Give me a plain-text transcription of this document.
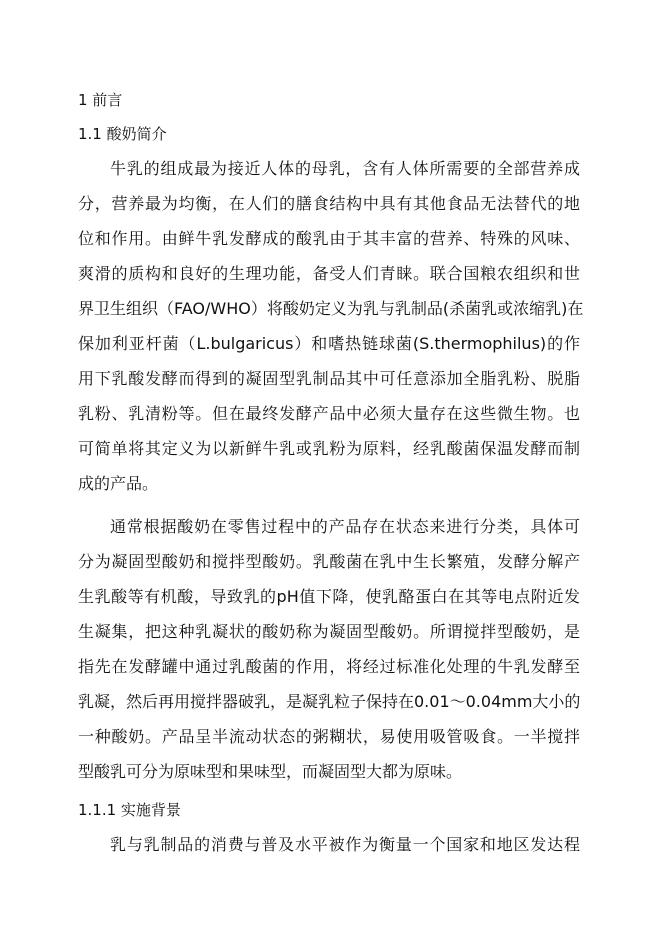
1 前言
1.1 酸奶简介
牛乳的组成最为接近人体的母乳，含有人体所需要的全部营养成
分，营养最为均衡，在人们的膳食结构中具有其他食品无法替代的地
位和作用。由鲜牛乳发酵成的酸乳由于其丰富的营养、特殊的风味、
爽滑的质构和良好的生理功能，备受人们青睐。联合国粮农组织和世
界卫生组织（FAO/WHO）将酸奶定义为乳与乳制品(杀菌乳或浓缩乳)在
保加利亚杆菌（L.bulgaricus）和嗜热链球菌(S.thermophilus)的作
用下乳酸发酵而得到的凝固型乳制品其中可任意添加全脂乳粉、脱脂
乳粉、乳清粉等。但在最终发酵产品中必须大量存在这些微生物。也
可简单将其定义为以新鲜牛乳或乳粉为原料，经乳酸菌保温发酵而制
成的产品。
通常根据酸奶在零售过程中的产品存在状态来进行分类，具体可
分为凝固型酸奶和搅拌型酸奶。乳酸菌在乳中生长繁殖，发酵分解产
生乳酸等有机酸，导致乳的pH值下降，使乳酪蛋白在其等电点附近发
生凝集，把这种乳凝状的酸奶称为凝固型酸奶。所谓搅拌型酸奶，是
指先在发酵罐中通过乳酸菌的作用，将经过标准化处理的牛乳发酵至
乳凝，然后再用搅拌器破乳，是凝乳粒子保持在0.01～0.04mm大小的
一种酸奶。产品呈半流动状态的粥糊状，易使用吸管吸食。一半搅拌
型酸乳可分为原味型和果味型，而凝固型大都为原味。
1.1.1 实施背景
乳与乳制品的消费与普及水平被作为衡量一个国家和地区发达程
